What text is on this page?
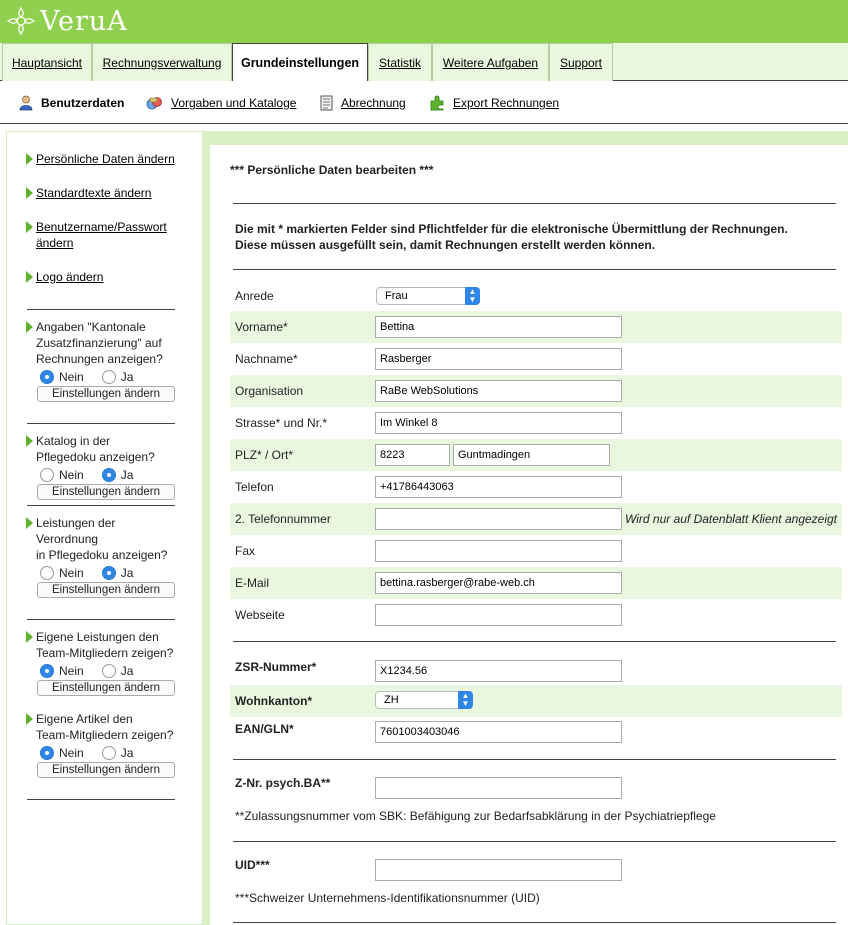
VeruA
Hauptansicht	Rechnungsverwaltung	Grundeinstellungen	Statistik	Weitere Aufgaben	Support
Benutzerdaten	Vorgaben und Kataloge	Abrechnung	Export Rechnungen
Persönliche Daten ändern
Standardtexte ändern
Benutzername/Passwort
ändern
Logo ändern
Angaben "Kantonale
Zusatzfinanzierung" auf
Rechnungen anzeigen?
Nein	Ja
Einstellungen ändern
Katalog in der
Pflegedoku anzeigen?
Nein	Ja
Einstellungen ändern
Leistungen der
Verordnung
in Pflegedoku anzeigen?
Nein	Ja
Einstellungen ändern
Eigene Leistungen den
Team-Mitgliedern zeigen?
Nein	Ja
Einstellungen ändern
Eigene Artikel den
Team-Mitgliedern zeigen?
Nein	Ja
Einstellungen ändern
*** Persönliche Daten bearbeiten ***
Die mit * markierten Felder sind Pflichtfelder für die elektronische Übermittlung der Rechnungen.
Diese müssen ausgefüllt sein, damit Rechnungen erstellt werden können.
Anrede	Frau	▲
▼
Vorname*	Bettina
Nachname*	Rasberger
Organisation	RaBe WebSolutions
Strasse* und Nr.*	Im Winkel 8
PLZ* / Ort*	8223	Guntmadingen
Telefon	+41786443063
2. Telefonnummer	Wird nur auf Datenblatt Klient angezeigt
Fax
E-Mail	bettina.rasberger@rabe-web.ch
Webseite
ZSR-Nummer*	X1234.56
Wohnkanton*	ZH	▲
▼
EAN/GLN*	7601003403046
Z-Nr. psych.BA**
**Zulassungsnummer vom SBK: Befähigung zur Bedarfsabklärung in der Psychiatriepflege
UID***
***Schweizer Unternehmens-Identifikationsnummer (UID)
